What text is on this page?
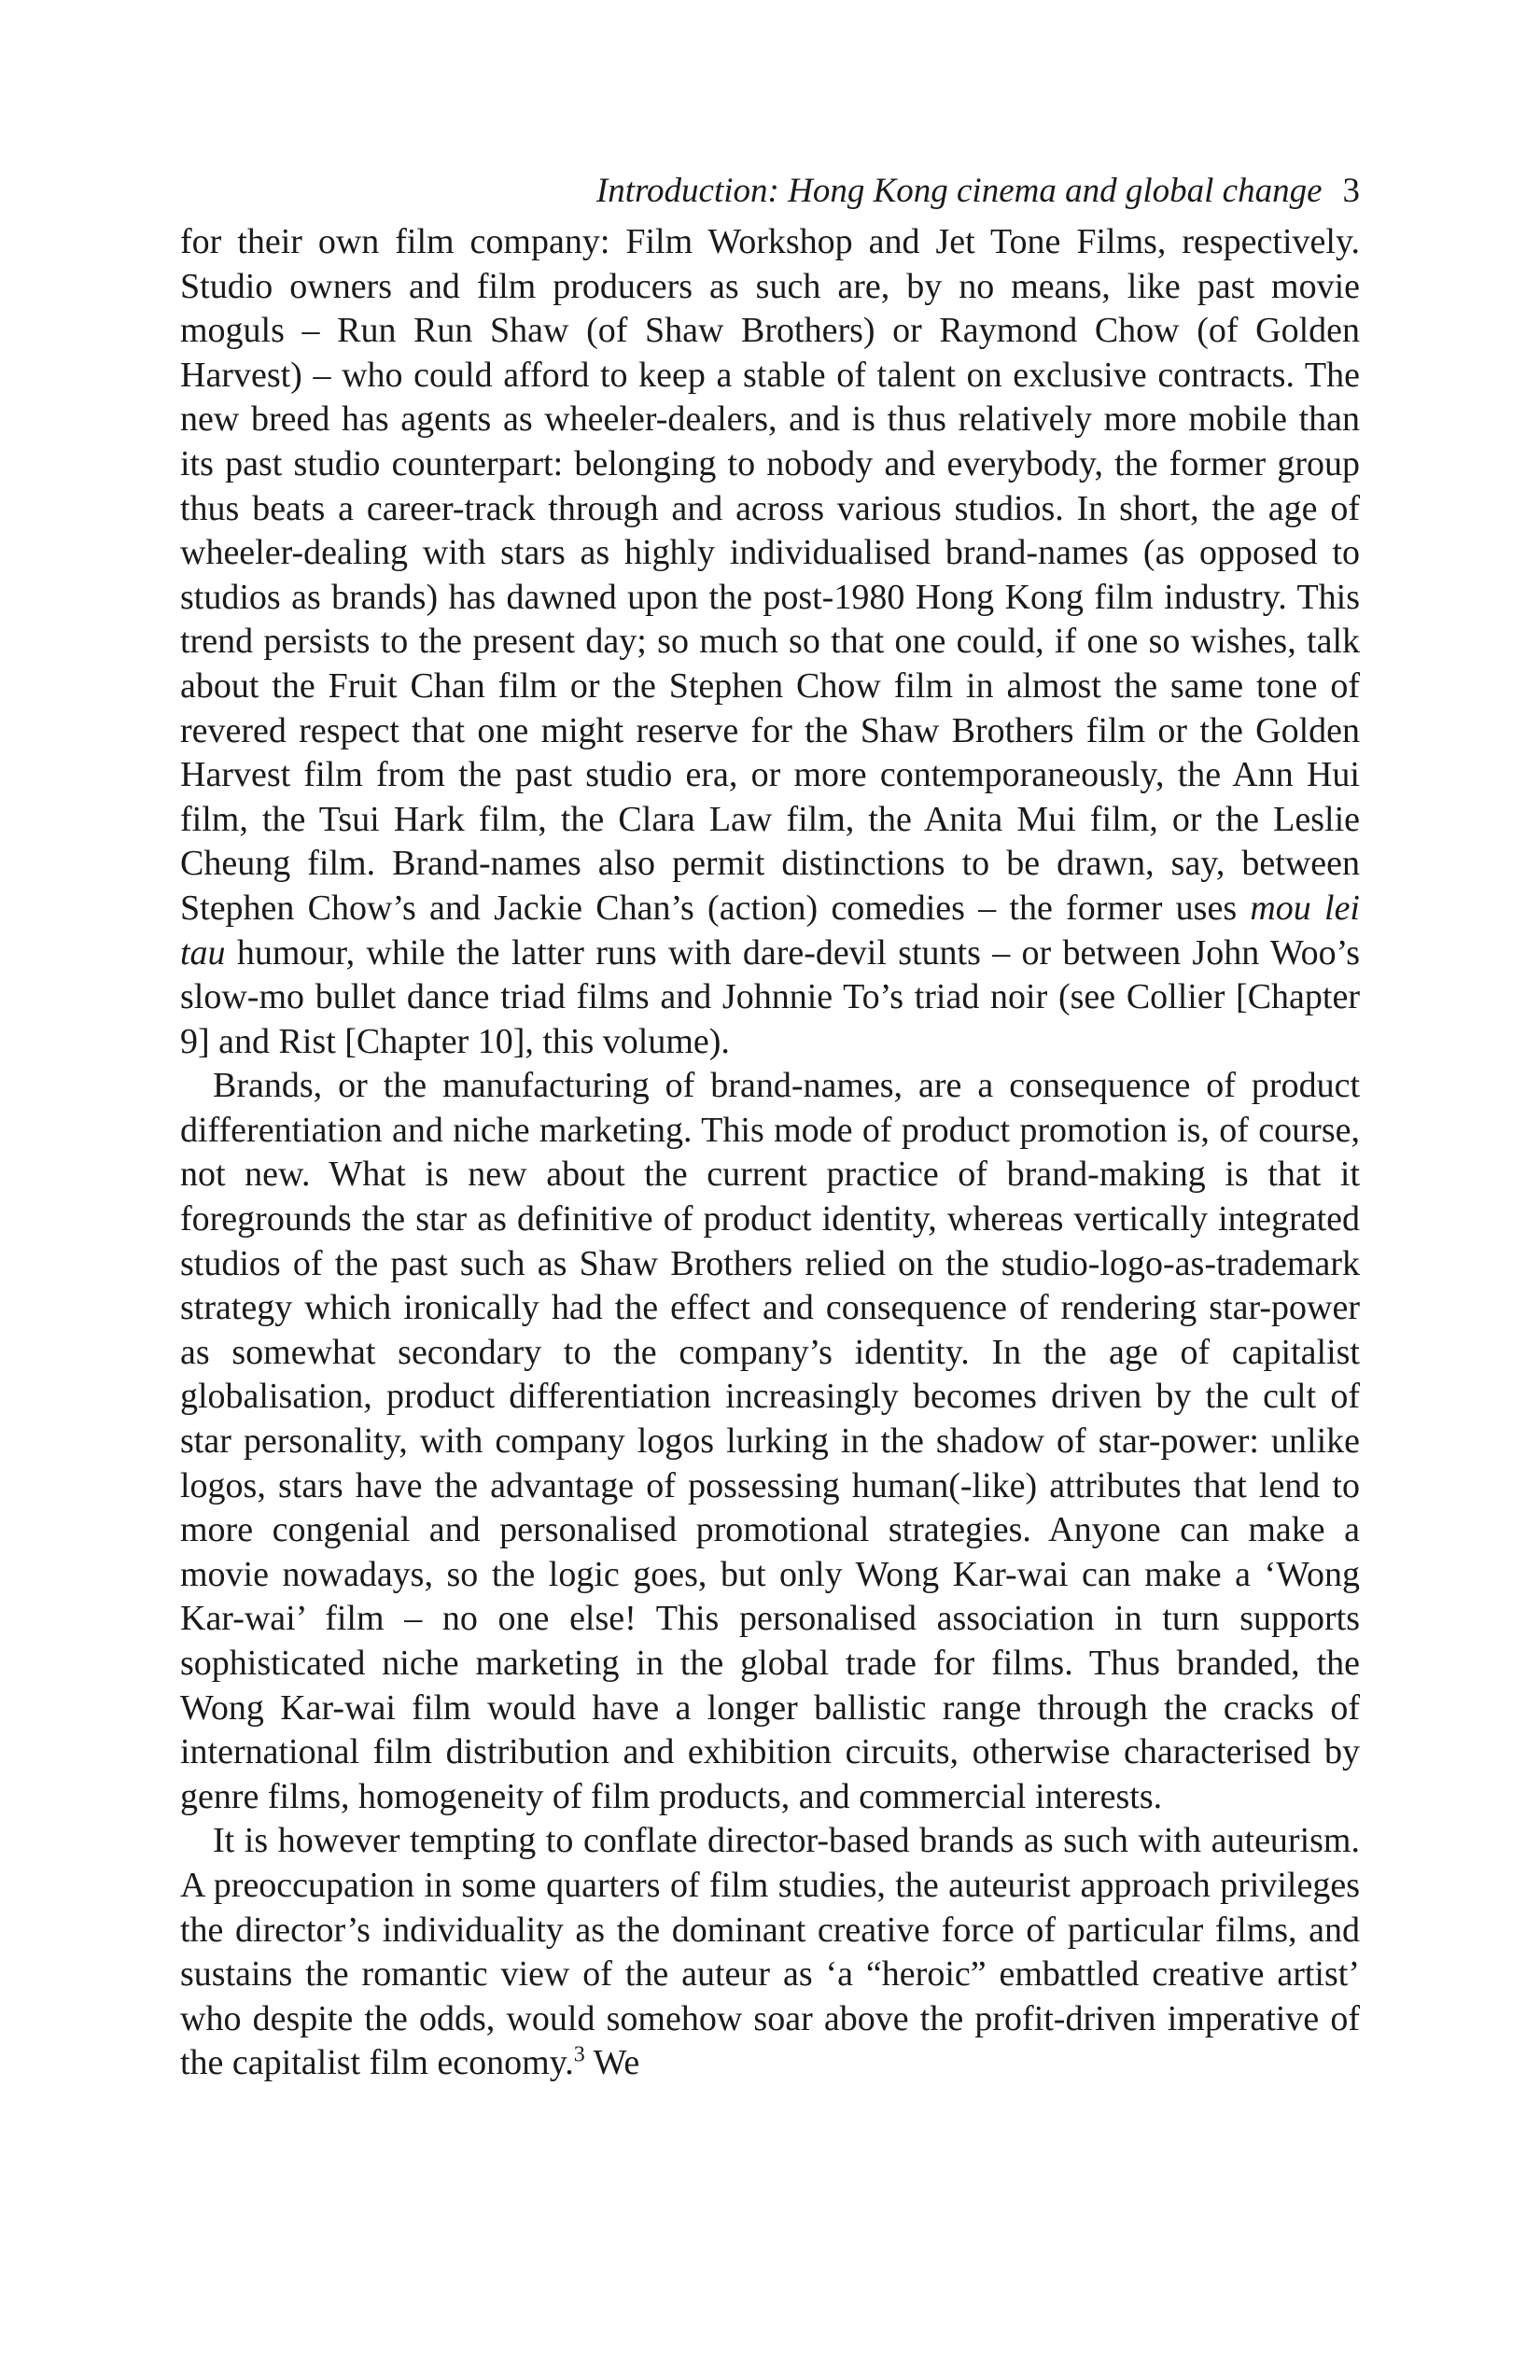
Introduction: Hong Kong cinema and global change 3

for their own film company: Film Workshop and Jet Tone Films, respectively. Studio owners and film producers as such are, by no means, like past movie moguls – Run Run Shaw (of Shaw Brothers) or Raymond Chow (of Golden Harvest) – who could afford to keep a stable of talent on exclusive contracts. The new breed has agents as wheeler-dealers, and is thus relatively more mobile than its past studio counterpart: belonging to nobody and everybody, the former group thus beats a career-track through and across various studios. In short, the age of wheeler-dealing with stars as highly individualised brand-names (as opposed to studios as brands) has dawned upon the post-1980 Hong Kong film industry. This trend persists to the present day; so much so that one could, if one so wishes, talk about the Fruit Chan film or the Stephen Chow film in almost the same tone of revered respect that one might reserve for the Shaw Brothers film or the Golden Harvest film from the past studio era, or more contemporaneously, the Ann Hui film, the Tsui Hark film, the Clara Law film, the Anita Mui film, or the Leslie Cheung film. Brand-names also permit distinctions to be drawn, say, between Stephen Chow’s and Jackie Chan’s (action) comedies – the former uses mou lei tau humour, while the latter runs with dare-devil stunts – or between John Woo’s slow-mo bullet dance triad films and Johnnie To’s triad noir (see Collier [Chapter 9] and Rist [Chapter 10], this volume).

Brands, or the manufacturing of brand-names, are a consequence of product differentiation and niche marketing. This mode of product promotion is, of course, not new. What is new about the current practice of brand-making is that it foregrounds the star as definitive of product identity, whereas vertically integrated studios of the past such as Shaw Brothers relied on the studio-logo-as-trademark strategy which ironically had the effect and consequence of rendering star-power as somewhat secondary to the company’s identity. In the age of capitalist globalisation, product differentiation increasingly becomes driven by the cult of star personality, with company logos lurking in the shadow of star-power: unlike logos, stars have the advantage of possessing human(-like) attributes that lend to more congenial and personalised promotional strategies. Anyone can make a movie nowadays, so the logic goes, but only Wong Kar-wai can make a ‘Wong Kar-wai’ film – no one else! This personalised association in turn supports sophisticated niche marketing in the global trade for films. Thus branded, the Wong Kar-wai film would have a longer ballistic range through the cracks of international film distribution and exhibition circuits, otherwise characterised by genre films, homogeneity of film products, and commercial interests.

It is however tempting to conflate director-based brands as such with auteurism. A preoccupation in some quarters of film studies, the auteurist approach privileges the director’s individuality as the dominant creative force of particular films, and sustains the romantic view of the auteur as ‘a “heroic” embattled creative artist’ who despite the odds, would somehow soar above the profit-driven imperative of the capitalist film economy.$^3$ We
